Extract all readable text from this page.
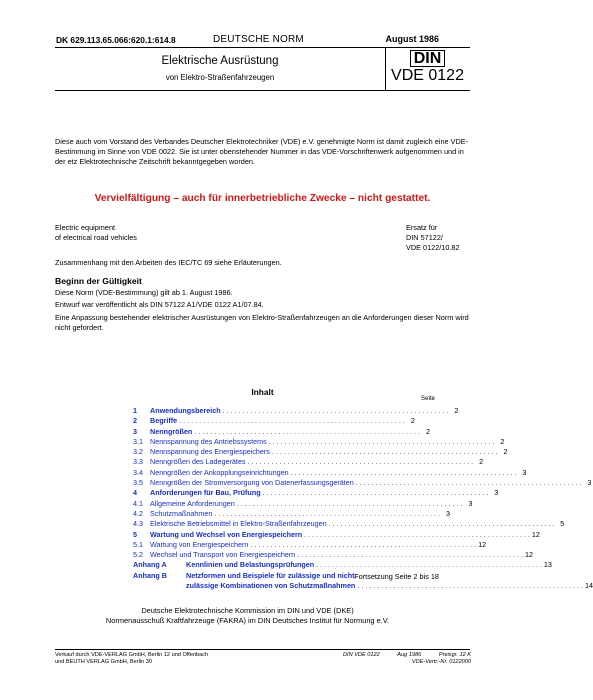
DK 629.113.65.066:620.1:614.8	DEUTSCHE NORM	August 1986
Elektrische Ausrüstung
von Elektro-Straßenfahrzeugen
DIN
VDE 0122
Diese auch vom Vorstand des Verbandes Deutscher Elektrotechniker (VDE) e.V. genehmigte Norm ist damit zugleich eine VDE-Bestimmung im Sinne von VDE 0022. Sie ist unter obenstehender Nummer in das VDE-Vorschriftenwerk aufgenommen und in der etz Elektrotechnische Zeitschrift bekanntgegeben worden.
Vervielfältigung – auch für innerbetriebliche Zwecke – nicht gestattet.
Electric equipment
of electrical road vehicles
Ersatz für
DIN 57122/
VDE 0122/10.82
Zusammenhang mit den Arbeiten des IEC/TC 69 siehe Erläuterungen.
Beginn der Gültigkeit
Diese Norm (VDE-Bestimmung) gilt ab 1. August 1986.
Entwurf war veröffentlicht als DIN 57122 A1/VDE 0122 A1/07.84.
Eine Anpassung bestehender elektrischer Ausrüstungen von Elektro-Straßenfahrzeugen an die Anforderungen dieser Norm wird nicht gefordert.
Inhalt
Seite
1	Anwendungsbereich . . . . . . . . . . . . . . . . . . . . . . . . . . . . . . . . . . . . . . . . . . . . . . . . . . . . . . . . . 2
2	Begriffe . . . . . . . . . . . . . . . . . . . . . . . . . . . . . . . . . . . . . . . . . . . . . . . . . . . . . . . . . 2
3	Nenngrößen . . . . . . . . . . . . . . . . . . . . . . . . . . . . . . . . . . . . . . . . . . . . . . . . . . . . . . . . . 2
3.1 Nennspannung des Antriebssystems . . . . . . . . . . . . . . . . . . . . . . . . . . . . . . . . . . . . . . . . . . . . . . . . . . . . . . . . . 2
3.2 Nennspannung des Energiespeichers . . . . . . . . . . . . . . . . . . . . . . . . . . . . . . . . . . . . . . . . . . . . . . . . . . . . . . . . . 2
3.3 Nenngrößen des Ladegerätes . . . . . . . . . . . . . . . . . . . . . . . . . . . . . . . . . . . . . . . . . . . . . . . . . . . . . . . . . 2
3.4 Nenngrößen der Ankopplungseinrichtungen . . . . . . . . . . . . . . . . . . . . . . . . . . . . . . . . . . . . . . . . . . . . . . . . . . . . . . . . . 3
3.5 Nenngrößen der Stromversorgung von Datenerfassungsgeräten . . . . . . . . . . . . . . . . . . . . . . . . . . . . . . . . . . . . . . . . . . . . . . . . . . . . . . . . . 3
4	Anforderungen für Bau, Prüfung . . . . . . . . . . . . . . . . . . . . . . . . . . . . . . . . . . . . . . . . . . . . . . . . . . . . . . . . . 3
4.1 Allgemeine Anforderungen . . . . . . . . . . . . . . . . . . . . . . . . . . . . . . . . . . . . . . . . . . . . . . . . . . . . . . . . . 3
4.2 Schutzmaßnahmen . . . . . . . . . . . . . . . . . . . . . . . . . . . . . . . . . . . . . . . . . . . . . . . . . . . . . . . . . 3
4.3 Elektrische Betriebsmittel in Elektro-Straßenfahrzeugen . . . . . . . . . . . . . . . . . . . . . . . . . . . . . . . . . . . . . . . . . . . . . . . . . . . . . . . . . 5
5	Wartung und Wechsel von Energiespeichern . . . . . . . . . . . . . . . . . . . . . . . . . . . . . . . . . . . . . . . . . . . . . . . . . . . . . . . . . 12
5.1 Wartung von Energiespeichern . . . . . . . . . . . . . . . . . . . . . . . . . . . . . . . . . . . . . . . . . . . . . . . . . . . . . . . . . 12
5.2 Wechsel und Transport von Energiespeichern . . . . . . . . . . . . . . . . . . . . . . . . . . . . . . . . . . . . . . . . . . . . . . . . . . . . . . . . . 12
Anhang A	Kennlinien und Belastungsprüfungen . . . . . . . . . . . . . . . . . . . . . . . . . . . . . . . . . . . . . . . . . . . . . . . . . . . . . . . . . 13
Anhang B	Netzformen und Beispiele für zulässige und nicht
zulässige Kombinationen von Schutzmaßnahmen . . . . . . . . . . . . . . . . . . . . . . . . . . . . . . . . . . . . . . . . . . . . . . . . . . . . . . . . . 14
Fortsetzung Seite 2 bis 18
Deutsche Elektrotechnische Kommission im DIN und VDE (DKE)
Normenausschuß Kraftfahrzeuge (FAKRA) im DIN Deutsches Institut für Normung e.V.
Verkauf durch VDE-VERLAG GmbH, Berlin 12 und Offenbach
und BEUTH VERLAG GmbH, Berlin 30
DIN VDE 0122	Aug 1986	Preisgr. 12 K
VDE-Vertr.-Nr. 0122000
